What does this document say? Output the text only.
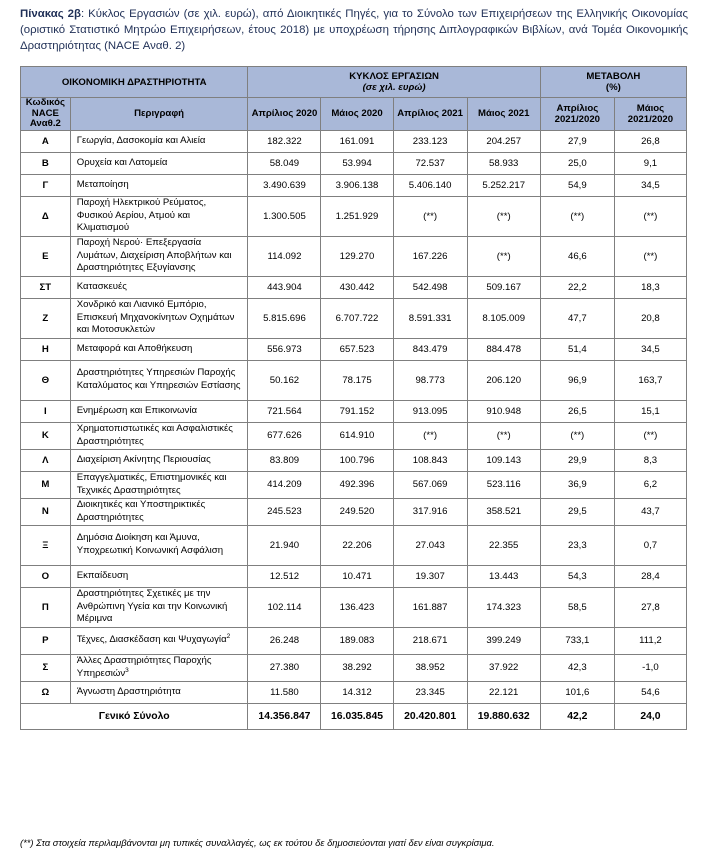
Πίνακας 2β: Κύκλος Εργασιών (σε χιλ. ευρώ), από Διοικητικές Πηγές, για το Σύνολο των Επιχειρήσεων της Ελληνικής Οικονομίας (οριστικό Στατιστικό Μητρώο Επιχειρήσεων, έτους 2018) με υποχρέωση τήρησης Διπλογραφικών Βιβλίων, ανά Τομέα Οικονομικής Δραστηριότητας (NACE Αναθ. 2)
ΟΙΚΟΝΟΜΙΚΗ ΔΡΑΣΤΗΡΙΟΤΗΤΑ		ΚΥΚΛΟΣ ΕΡΓΑΣΙΩΝ
(σε χιλ. ευρώ)				ΜΕΤΑΒΟΛΗ
(%)	
Κωδικός NACE Αναθ.2	Περιγραφή	Απρίλιος 2020	Μάιος 2020	Απρίλιος 2021	Μάιος 2021	Απρίλιος 2021/2020	Μάιος 2021/2020
Α	Γεωργία, Δασοκομία και Αλιεία	182.322	161.091	233.123	204.257	27,9	26,8
Β	Ορυχεία και Λατομεία	58.049	53.994	72.537	58.933	25,0	9,1
Γ	Μεταποίηση	3.490.639	3.906.138	5.406.140	5.252.217	54,9	34,5
Δ	Παροχή Ηλεκτρικού Ρεύματος, Φυσικού Αερίου, Ατμού και Κλιματισμού	1.300.505	1.251.929	(**)	(**)	(**)	(**)
Ε	Παροχή Νερού· Επεξεργασία Λυμάτων, Διαχείριση Αποβλήτων και Δραστηριότητες Εξυγίανσης	114.092	129.270	167.226	(**)	46,6	(**)
ΣΤ	Κατασκευές	443.904	430.442	542.498	509.167	22,2	18,3
Ζ	Χονδρικό και Λιανικό Εμπόριο, Επισκευή Μηχανοκίνητων Οχημάτων και Μοτοσυκλετών	5.815.696	6.707.722	8.591.331	8.105.009	47,7	20,8
Η	Μεταφορά και Αποθήκευση	556.973	657.523	843.479	884.478	51,4	34,5
Θ	Δραστηριότητες Υπηρεσιών Παροχής Καταλύματος και Υπηρεσιών Εστίασης	50.162	78.175	98.773	206.120	96,9	163,7
Ι	Ενημέρωση και Επικοινωνία	721.564	791.152	913.095	910.948	26,5	15,1
Κ	Χρηματοπιστωτικές και Ασφαλιστικές Δραστηριότητες	677.626	614.910	(**)	(**)	(**)	(**)
Λ	Διαχείριση Ακίνητης Περιουσίας	83.809	100.796	108.843	109.143	29,9	8,3
Μ	Επαγγελματικές, Επιστημονικές και Τεχνικές Δραστηριότητες	414.209	492.396	567.069	523.116	36,9	6,2
Ν	Διοικητικές και Υποστηρικτικές Δραστηριότητες	245.523	249.520	317.916	358.521	29,5	43,7
Ξ	Δημόσια Διοίκηση και Άμυνα, Υποχρεωτική Κοινωνική Ασφάλιση	21.940	22.206	27.043	22.355	23,3	0,7
Ο	Εκπαίδευση	12.512	10.471	19.307	13.443	54,3	28,4
Π	Δραστηριότητες Σχετικές με την Ανθρώπινη Υγεία και την Κοινωνική Μέριμνα	102.114	136.423	161.887	174.323	58,5	27,8
Ρ	Τέχνες, Διασκέδαση και Ψυχαγωγία$^2$	26.248	189.083	218.671	399.249	733,1	111,2
Σ	Άλλες Δραστηριότητες Παροχής Υπηρεσιών$^3$	27.380	38.292	38.952	37.922	42,3	-1,0
Ω	Άγνωστη Δραστηριότητα	11.580	14.312	23.345	22.121	101,6	54,6
Γενικό Σύνολο		14.356.847	16.035.845	20.420.801	19.880.632	42,2	24,0
(**) Στα στοιχεία περιλαμβάνονται μη τυπικές συναλλαγές, ως εκ τούτου δε δημοσιεύονται γιατί δεν είναι συγκρίσιμα.
